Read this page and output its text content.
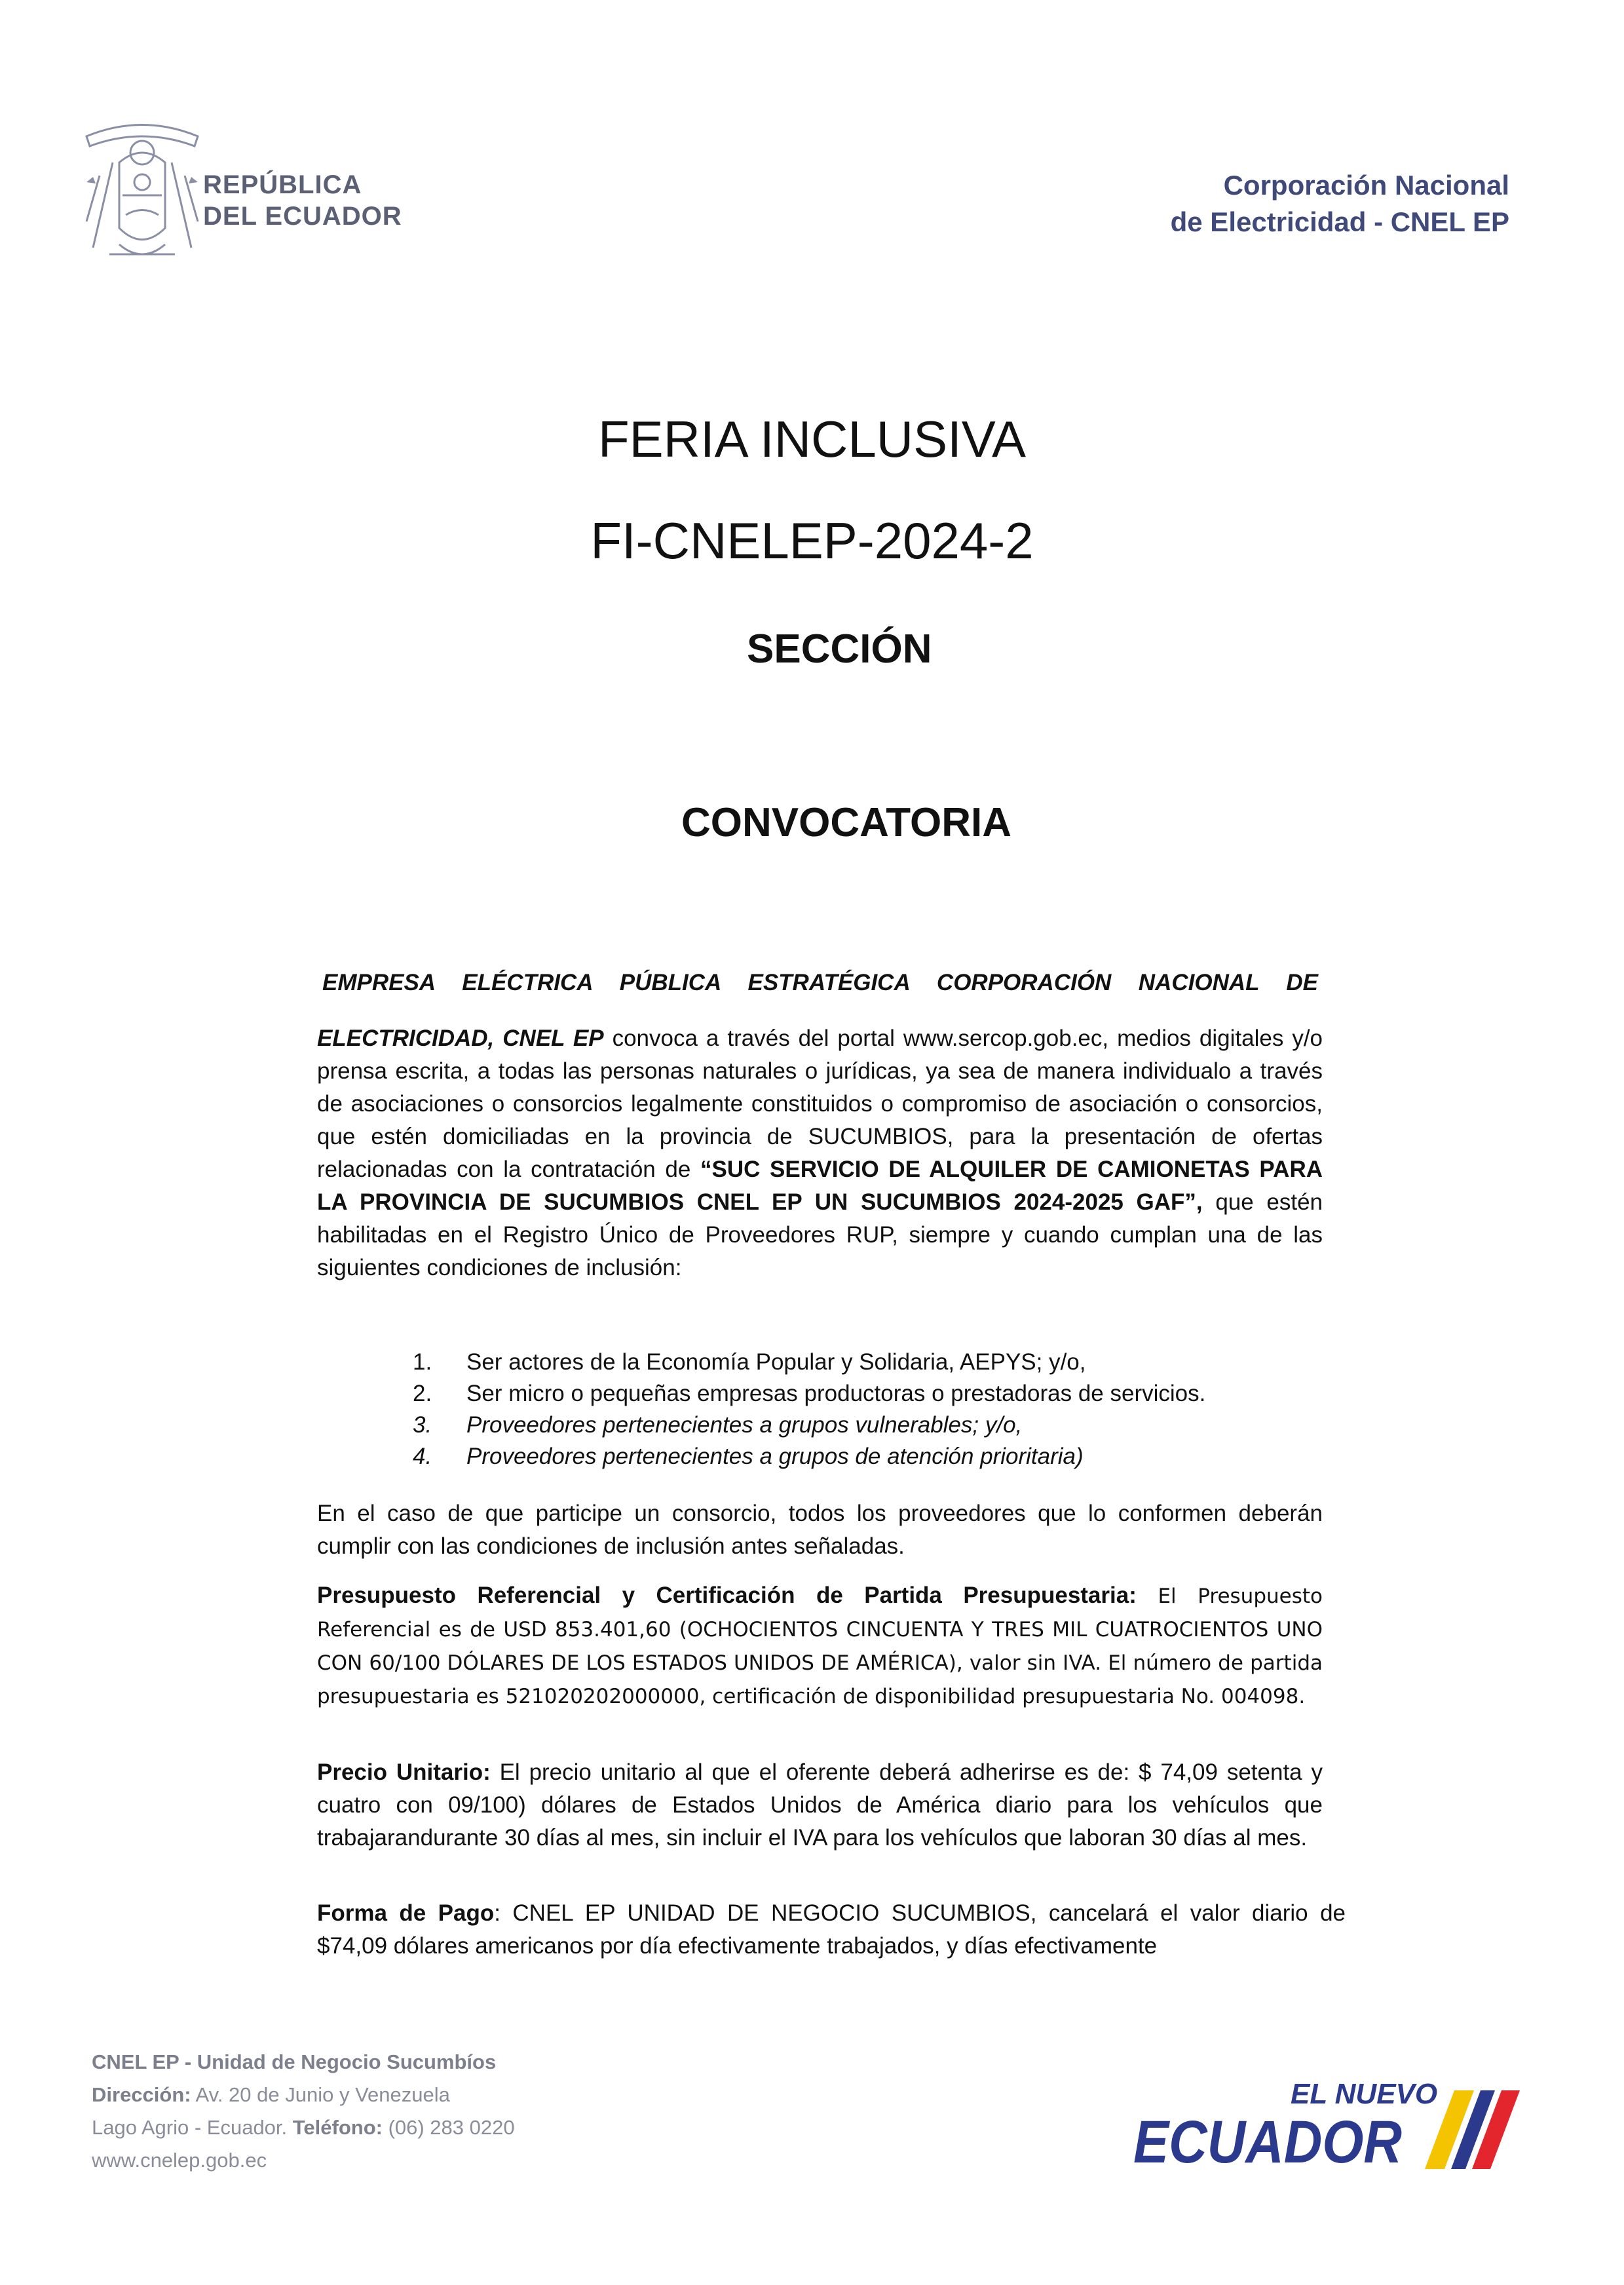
REPÚBLICA
DEL ECUADOR
Corporación Nacional
de Electricidad - CNEL EP
FERIA INCLUSIVA
FI-CNELEP-2024-2
SECCIÓN
CONVOCATORIA
EMPRESA ELÉCTRICA PÚBLICA ESTRATÉGICA CORPORACIÓN NACIONAL DE
ELECTRICIDAD, CNEL EP convoca a través del portal www.sercop.gob.ec, medios digitales y/o prensa escrita, a todas las personas naturales o jurídicas, ya sea de manera individualo a través de asociaciones o consorcios legalmente constituidos o compromiso de asociación o consorcios, que estén domiciliadas en la provincia de SUCUMBIOS, para la presentación de ofertas relacionadas con la contratación de “SUC SERVICIO DE ALQUILER DE CAMIONETAS PARA LA PROVINCIA DE SUCUMBIOS CNEL EP UN SUCUMBIOS 2024-2025 GAF”, que estén habilitadas en el Registro Único de Proveedores RUP, siempre y cuando cumplan una de las siguientes condiciones de inclusión:
1.	Ser actores de la Economía Popular y Solidaria, AEPYS; y/o,
2.	Ser micro o pequeñas empresas productoras o prestadoras de servicios.
3.	Proveedores pertenecientes a grupos vulnerables; y/o,
4.	Proveedores pertenecientes a grupos de atención prioritaria)
En el caso de que participe un consorcio, todos los proveedores que lo conformen deberán cumplir con las condiciones de inclusión antes señaladas.
Presupuesto Referencial y Certificación de Partida Presupuestaria: El Presupuesto Referencial es de USD 853.401,60 (OCHOCIENTOS CINCUENTA Y TRES MIL CUATROCIENTOS UNO CON 60/100 DÓLARES DE LOS ESTADOS UNIDOS DE AMÉRICA), valor sin IVA. El número de partida presupuestaria es 521020202000000, certificación de disponibilidad presupuestaria No. 004098.
Precio Unitario: El precio unitario al que el oferente deberá adherirse es de: $ 74,09 setenta y cuatro con 09/100) dólares de Estados Unidos de América diario para los vehículos que trabajarandurante 30 días al mes, sin incluir el IVA para los vehículos que laboran 30 días al mes.
Forma de Pago: CNEL EP UNIDAD DE NEGOCIO SUCUMBIOS, cancelará el valor diario de $74,09 dólares americanos por día efectivamente trabajados, y días efectivamente
CNEL EP - Unidad de Negocio Sucumbíos
Dirección: Av. 20 de Junio y Venezuela
Lago Agrio - Ecuador. Teléfono: (06) 283 0220
www.cnelep.gob.ec
EL NUEVO
ECUADOR
